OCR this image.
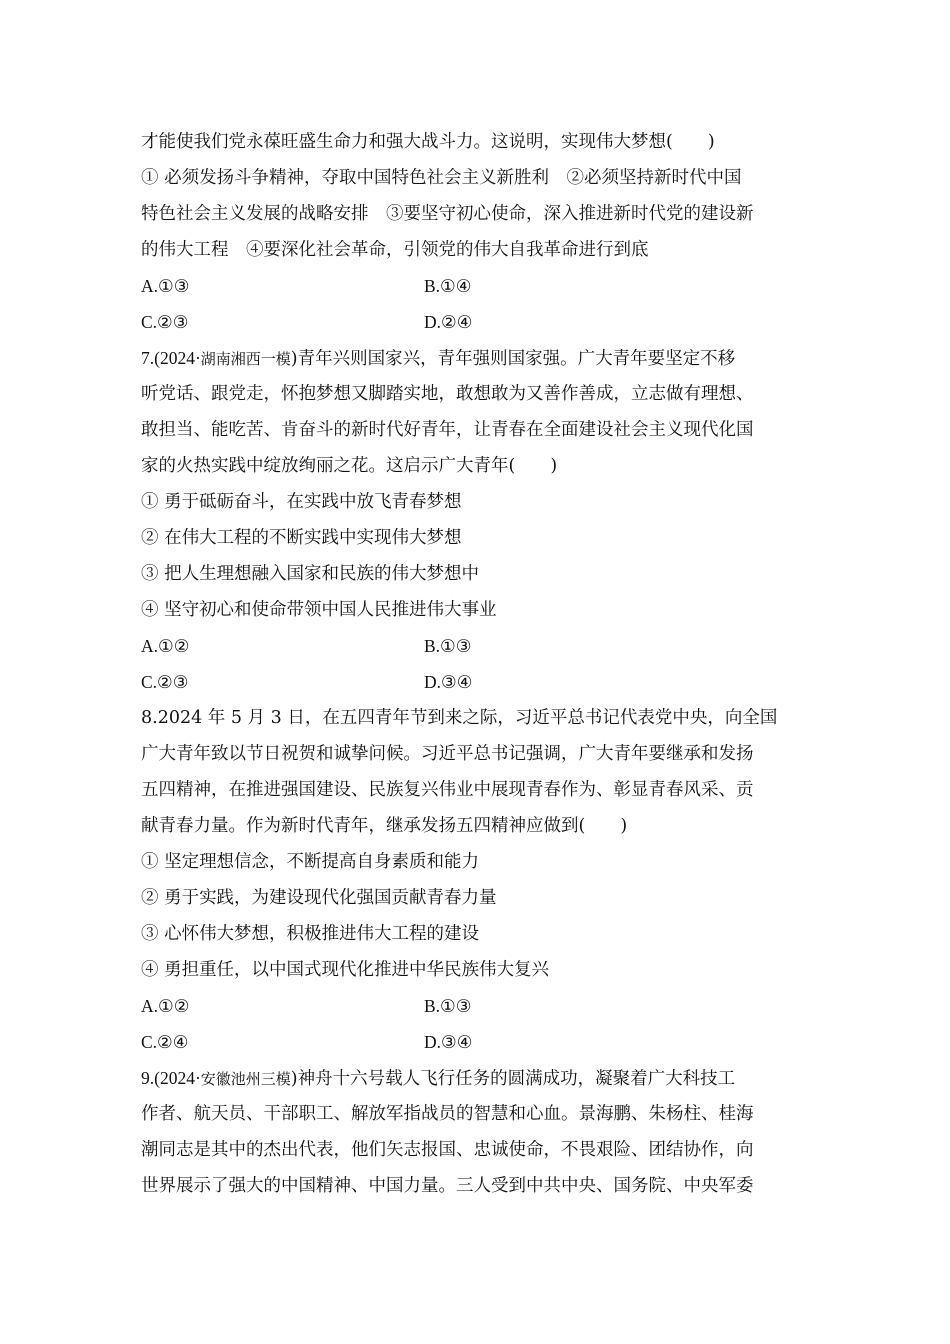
才能使我们党永葆旺盛生命力和强大战斗力。这说明，实现伟大梦想(　　)
① 必须发扬斗争精神，夺取中国特色社会主义新胜利　②必须坚持新时代中国
特色社会主义发展的战略安排　③要坚守初心使命，深入推进新时代党的建设新
的伟大工程　④要深化社会革命，引领党的伟大自我革命进行到底
A.①③	B.①④
C.②③	D.②④
7.(2024·湖南湘西一模)青年兴则国家兴，青年强则国家强。广大青年要坚定不移
听党话、跟党走，怀抱梦想又脚踏实地，敢想敢为又善作善成，立志做有理想、
敢担当、能吃苦、肯奋斗的新时代好青年，让青春在全面建设社会主义现代化国
家的火热实践中绽放绚丽之花。这启示广大青年(　　)
① 勇于砥砺奋斗，在实践中放飞青春梦想
② 在伟大工程的不断实践中实现伟大梦想
③ 把人生理想融入国家和民族的伟大梦想中
④ 坚守初心和使命带领中国人民推进伟大事业
A.①②	B.①③
C.②③	D.③④
8.2024 年 5 月 3 日，在五四青年节到来之际，习近平总书记代表党中央，向全国
广大青年致以节日祝贺和诚挚问候。习近平总书记强调，广大青年要继承和发扬
五四精神，在推进强国建设、民族复兴伟业中展现青春作为、彰显青春风采、贡
献青春力量。作为新时代青年，继承发扬五四精神应做到(　　)
① 坚定理想信念，不断提高自身素质和能力
② 勇于实践，为建设现代化强国贡献青春力量
③ 心怀伟大梦想，积极推进伟大工程的建设
④ 勇担重任，以中国式现代化推进中华民族伟大复兴
A.①②	B.①③
C.②④	D.③④
9.(2024·安徽池州三模)神舟十六号载人飞行任务的圆满成功，凝聚着广大科技工
作者、航天员、干部职工、解放军指战员的智慧和心血。景海鹏、朱杨柱、桂海
潮同志是其中的杰出代表，他们矢志报国、忠诚使命，不畏艰险、团结协作，向
世界展示了强大的中国精神、中国力量。三人受到中共中央、国务院、中央军委
